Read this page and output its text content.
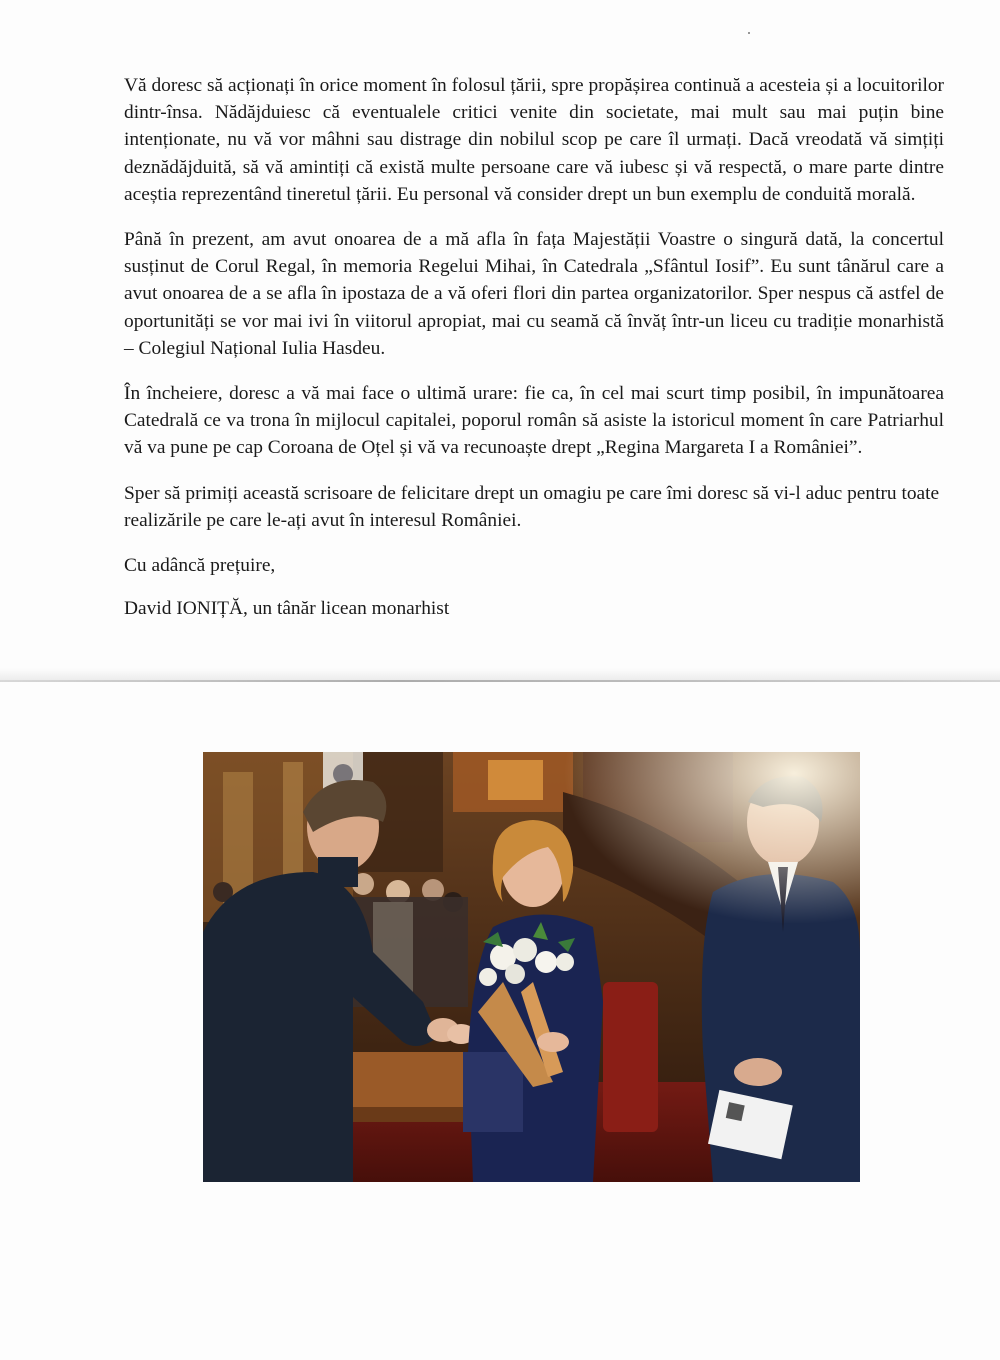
Vă doresc să acționați în orice moment în folosul țării, spre propășirea continuă a acesteia și a locuitorilor dintr-însa. Nădăjduiesc că eventualele critici venite din societate, mai mult sau mai puțin bine intenționate, nu vă vor mâhni sau distrage din nobilul scop pe care îl urmați. Dacă vreodată vă simțiți deznădăjduită, să vă amintiți că există multe persoane care vă iubesc și vă respectă, o mare parte dintre aceștia reprezentând tineretul țării. Eu personal vă consider drept un bun exemplu de conduită morală.

Până în prezent, am avut onoarea de a mă afla în fața Majestății Voastre o singură dată, la concertul susținut de Corul Regal, în memoria Regelui Mihai, în Catedrala „Sfântul Iosif”. Eu sunt tânărul care a avut onoarea de a se afla în ipostaza de a vă oferi flori din partea organizatorilor. Sper nespus că astfel de oportunități se vor mai ivi în viitorul apropiat, mai cu seamă că învăț într-un liceu cu tradiție monarhistă – Colegiul Național Iulia Hasdeu.

În încheiere, doresc a vă mai face o ultimă urare: fie ca, în cel mai scurt timp posibil, în impunătoarea Catedrală ce va trona în mijlocul capitalei, poporul român să asiste la istoricul moment în care Patriarhul vă va pune pe cap Coroana de Oțel și vă va recunoaște drept „Regina Margareta I a României”.

Sper să primiți această scrisoare de felicitare drept un omagiu pe care îmi doresc să vi-l aduc pentru toate realizările pe care le-ați avut în interesul României.

Cu adâncă prețuire,
David IONIȚĂ, un tânăr licean monarhist
